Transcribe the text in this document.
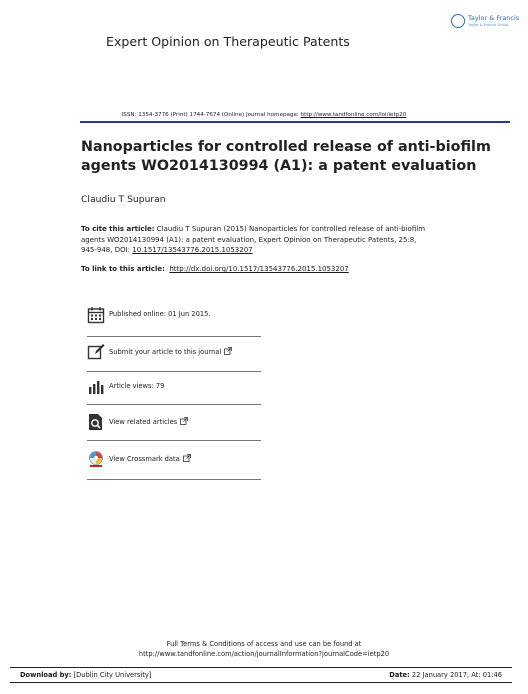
Taylor & Francis
Taylor & Francis Group
Expert Opinion on Therapeutic Patents
ISSN: 1354-3776 (Print) 1744-7674 (Online) Journal homepage: http://www.tandfonline.com/loi/ietp20
Nanoparticles for controlled release of anti-biofilm agents WO2014130994 (A1): a patent evaluation
Claudiu T Supuran
To cite this article: Claudiu T Supuran (2015) Nanoparticles for controlled release of anti-biofilm agents WO2014130994 (A1): a patent evaluation, Expert Opinion on Therapeutic Patents, 25:8, 945-948, DOI: 10.1517/13543776.2015.1053207
To link to this article: http://dx.doi.org/10.1517/13543776.2015.1053207
Published online: 01 Jun 2015.
Submit your article to this journal
Article views: 79
View related articles
View Crossmark data
Full Terms & Conditions of access and use can be found at
http://www.tandfonline.com/action/journalInformation?journalCode=ietp20
Download by: [Dublin City University]	Date: 22 January 2017, At: 01:46
